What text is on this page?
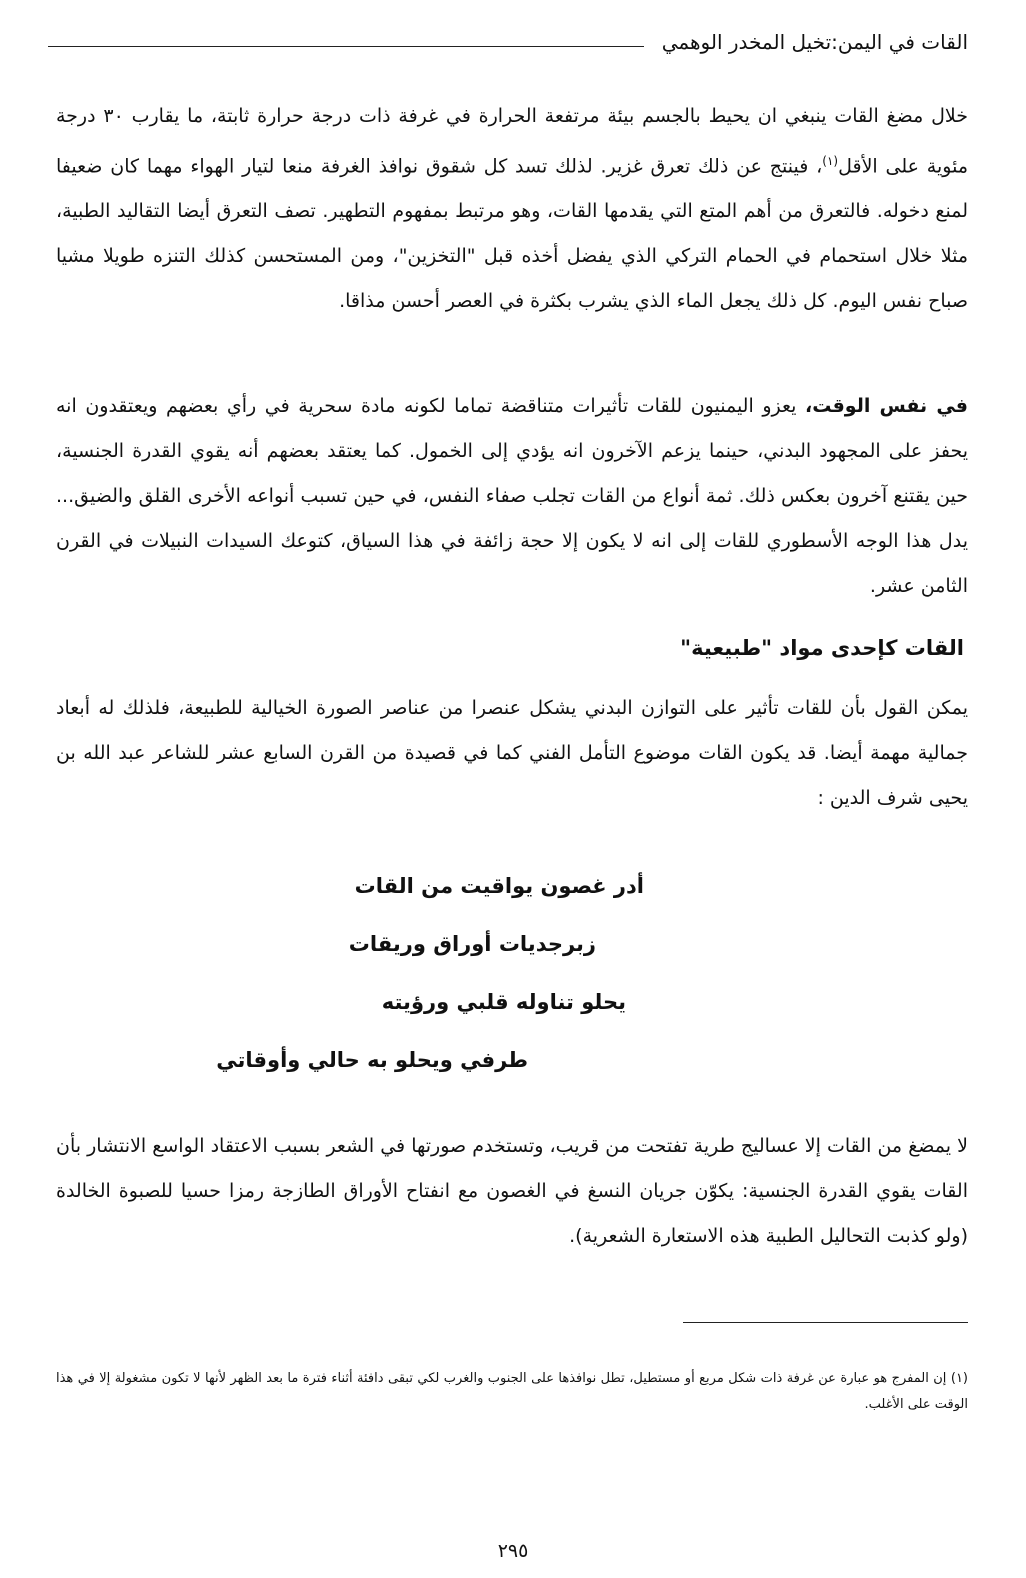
القات في اليمن:تخيل المخدر الوهمي
خلال مضغ القات ينبغي ان يحيط بالجسم بيئة مرتفعة الحرارة في غرفة ذات درجة حرارة ثابتة، ما يقارب ٣٠ درجة مئوية على الأقل$^{(١)}$، فينتج عن ذلك تعرق غزير. لذلك تسد كل شقوق نوافذ الغرفة منعا لتيار الهواء مهما كان ضعيفا لمنع دخوله. فالتعرق من أهم المتع التي يقدمها القات، وهو مرتبط بمفهوم التطهير. تصف التعرق أيضا التقاليد الطبية، مثلا خلال استحمام في الحمام التركي الذي يفضل أخذه قبل "التخزين"، ومن المستحسن كذلك التنزه طويلا مشيا صباح نفس اليوم. كل ذلك يجعل الماء الذي يشرب بكثرة في العصر أحسن مذاقا.
في نفس الوقت، يعزو اليمنيون للقات تأثيرات متناقضة تماما لكونه مادة سحرية في رأي بعضهم ويعتقدون انه يحفز على المجهود البدني، حينما يزعم الآخرون انه يؤدي إلى الخمول. كما يعتقد بعضهم أنه يقوي القدرة الجنسية، حين يقتنع آخرون بعكس ذلك. ثمة أنواع من القات تجلب صفاء النفس، في حين تسبب أنواعه الأخرى القلق والضيق... يدل هذا الوجه الأسطوري للقات إلى انه لا يكون إلا حجة زائفة في هذا السياق، كتوعك السيدات النبيلات في القرن الثامن عشر.
القات كإحدى مواد "طبيعية"
يمكن القول بأن للقات تأثير على التوازن البدني يشكل عنصرا من عناصر الصورة الخيالية للطبيعة، فلذلك له أبعاد جمالية مهمة أيضا. قد يكون القات موضوع التأمل الفني كما في قصيدة من القرن السابع عشر للشاعر عبد الله بن يحيى شرف الدين :
أدر غصون يواقيت من القات
زبرجديات أوراق وريقات
يحلو تناوله قلبي ورؤيته
طرفي ويحلو به حالي وأوقاتي
لا يمضغ من القات إلا عساليج طرية تفتحت من قريب، وتستخدم صورتها في الشعر بسبب الاعتقاد الواسع الانتشار بأن القات يقوي القدرة الجنسية: يكوّن جريان النسغ في الغصون مع انفتاح الأوراق الطازجة رمزا حسيا للصبوة الخالدة (ولو كذبت التحاليل الطبية هذه الاستعارة الشعرية).
(١) إن المفرج هو عبارة عن غرفة ذات شكل مربع أو مستطيل، تطل نوافذها على الجنوب والغرب لكي تبقى دافئة أثناء فترة ما بعد الظهر لأنها لا تكون مشغولة إلا في هذا الوقت على الأغلب.
٢٩٥
